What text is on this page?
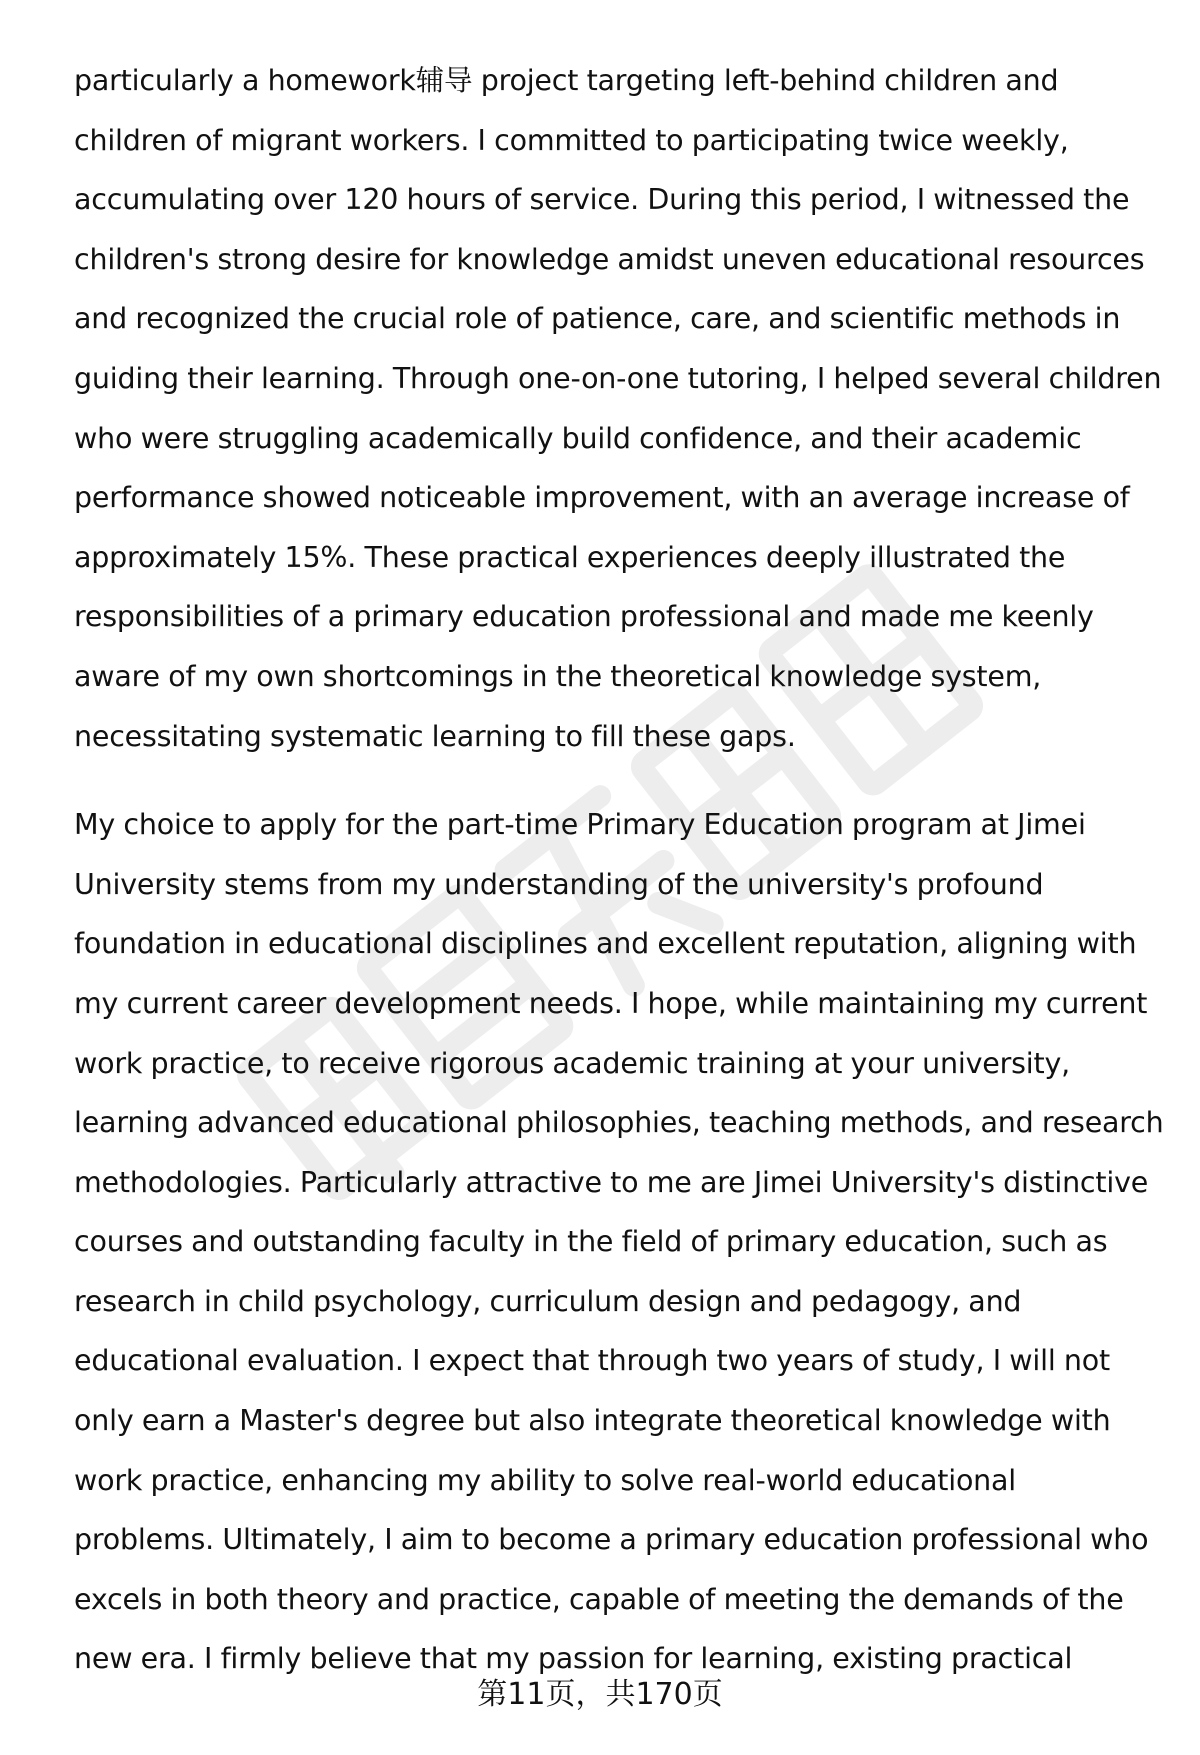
particularly a homework辅导 project targeting left-behind children and children of migrant workers. I committed to participating twice weekly, accumulating over 120 hours of service. During this period, I witnessed the children's strong desire for knowledge amidst uneven educational resources and recognized the crucial role of patience, care, and scientific methods in guiding their learning. Through one-on-one tutoring, I helped several children who were struggling academically build confidence, and their academic performance showed noticeable improvement, with an average increase of approximately 15%. These practical experiences deeply illustrated the responsibilities of a primary education professional and made me keenly aware of my own shortcomings in the theoretical knowledge system, necessitating systematic learning to fill these gaps.

My choice to apply for the part-time Primary Education program at Jimei University stems from my understanding of the university's profound foundation in educational disciplines and excellent reputation, aligning with my current career development needs. I hope, while maintaining my current work practice, to receive rigorous academic training at your university, learning advanced educational philosophies, teaching methods, and research methodologies. Particularly attractive to me are Jimei University's distinctive courses and outstanding faculty in the field of primary education, such as research in child psychology, curriculum design and pedagogy, and educational evaluation. I expect that through two years of study, I will not only earn a Master's degree but also integrate theoretical knowledge with work practice, enhancing my ability to solve real-world educational problems. Ultimately, I aim to become a primary education professional who excels in both theory and practice, capable of meeting the demands of the new era. I firmly believe that my passion for learning, existing practical

第11页，共170页
